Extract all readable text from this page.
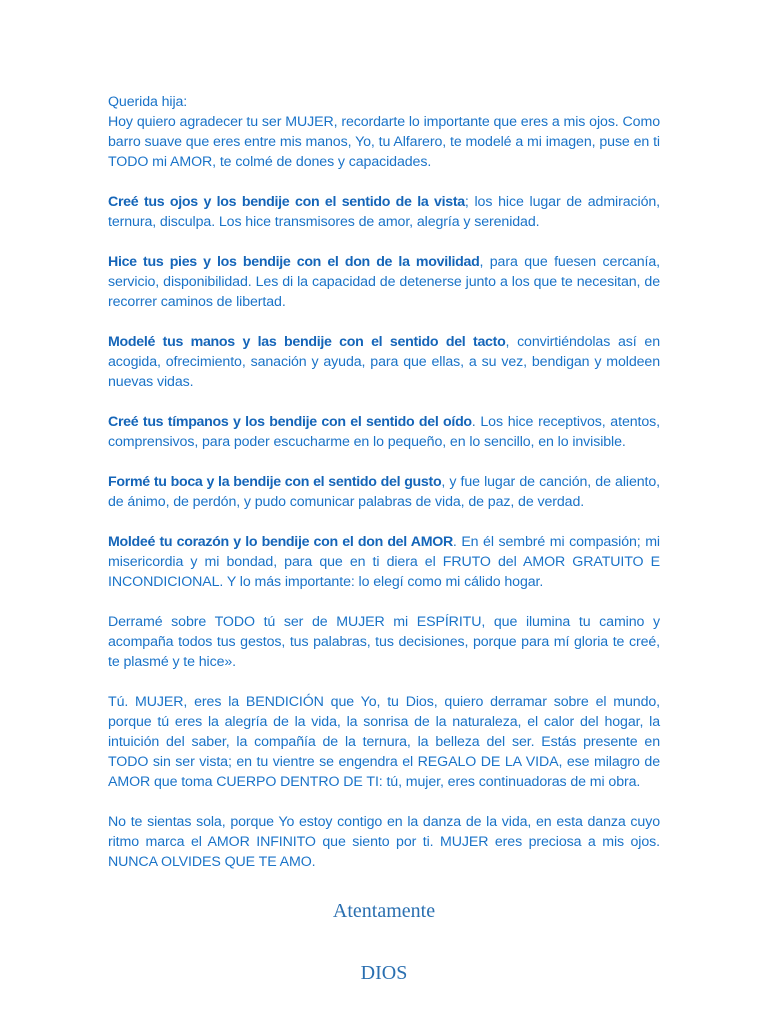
Querida hija:

Hoy quiero agradecer tu ser MUJER, recordarte lo importante que eres a mis ojos. Como barro suave que eres entre mis manos, Yo, tu Alfarero, te modelé a mi imagen, puse en ti TODO mi AMOR, te colmé de dones y capacidades.

Creé tus ojos y los bendije con el sentido de la vista; los hice lugar de admiración, ternura, disculpa. Los hice transmisores de amor, alegría y serenidad.

Hice tus pies y los bendije con el don de la movilidad, para que fuesen cercanía, servicio, disponibilidad. Les di la capacidad de detenerse junto a los que te necesitan, de recorrer caminos de libertad.

Modelé tus manos y las bendije con el sentido del tacto, convirtiéndolas así en acogida, ofrecimiento, sanación y ayuda, para que ellas, a su vez, bendigan y moldeen nuevas vidas.

Creé tus tímpanos y los bendije con el sentido del oído. Los hice receptivos, atentos, comprensivos, para poder escucharme en lo pequeño, en lo sencillo, en lo invisible.

Formé tu boca y la bendije con el sentido del gusto, y fue lugar de canción, de aliento, de ánimo, de perdón, y pudo comunicar palabras de vida, de paz, de verdad.

Moldeé tu corazón y lo bendije con el don del AMOR. En él sembré mi compasión; mi misericordia y mi bondad, para que en ti diera el FRUTO del AMOR GRATUITO E INCONDICIONAL. Y lo más importante: lo elegí como mi cálido hogar.

Derramé sobre TODO tú ser de MUJER mi ESPÍRITU, que ilumina tu camino y acompaña todos tus gestos, tus palabras, tus decisiones, porque para mí gloria te creé, te plasmé y te hice».

Tú. MUJER, eres la BENDICIÓN que Yo, tu Dios, quiero derramar sobre el mundo, porque tú eres la alegría de la vida, la sonrisa de la naturaleza, el calor del hogar, la intuición del saber, la compañía de la ternura, la belleza del ser. Estás presente en TODO sin ser vista; en tu vientre se engendra el REGALO DE LA VIDA, ese milagro de AMOR que toma CUERPO DENTRO DE TI: tú, mujer, eres continuadoras de mi obra.

No te sientas sola, porque Yo estoy contigo en la danza de la vida, en esta danza cuyo ritmo marca el AMOR INFINITO que siento por ti. MUJER eres preciosa a mis ojos. NUNCA OLVIDES QUE TE AMO.

Atentamente
DIOS
